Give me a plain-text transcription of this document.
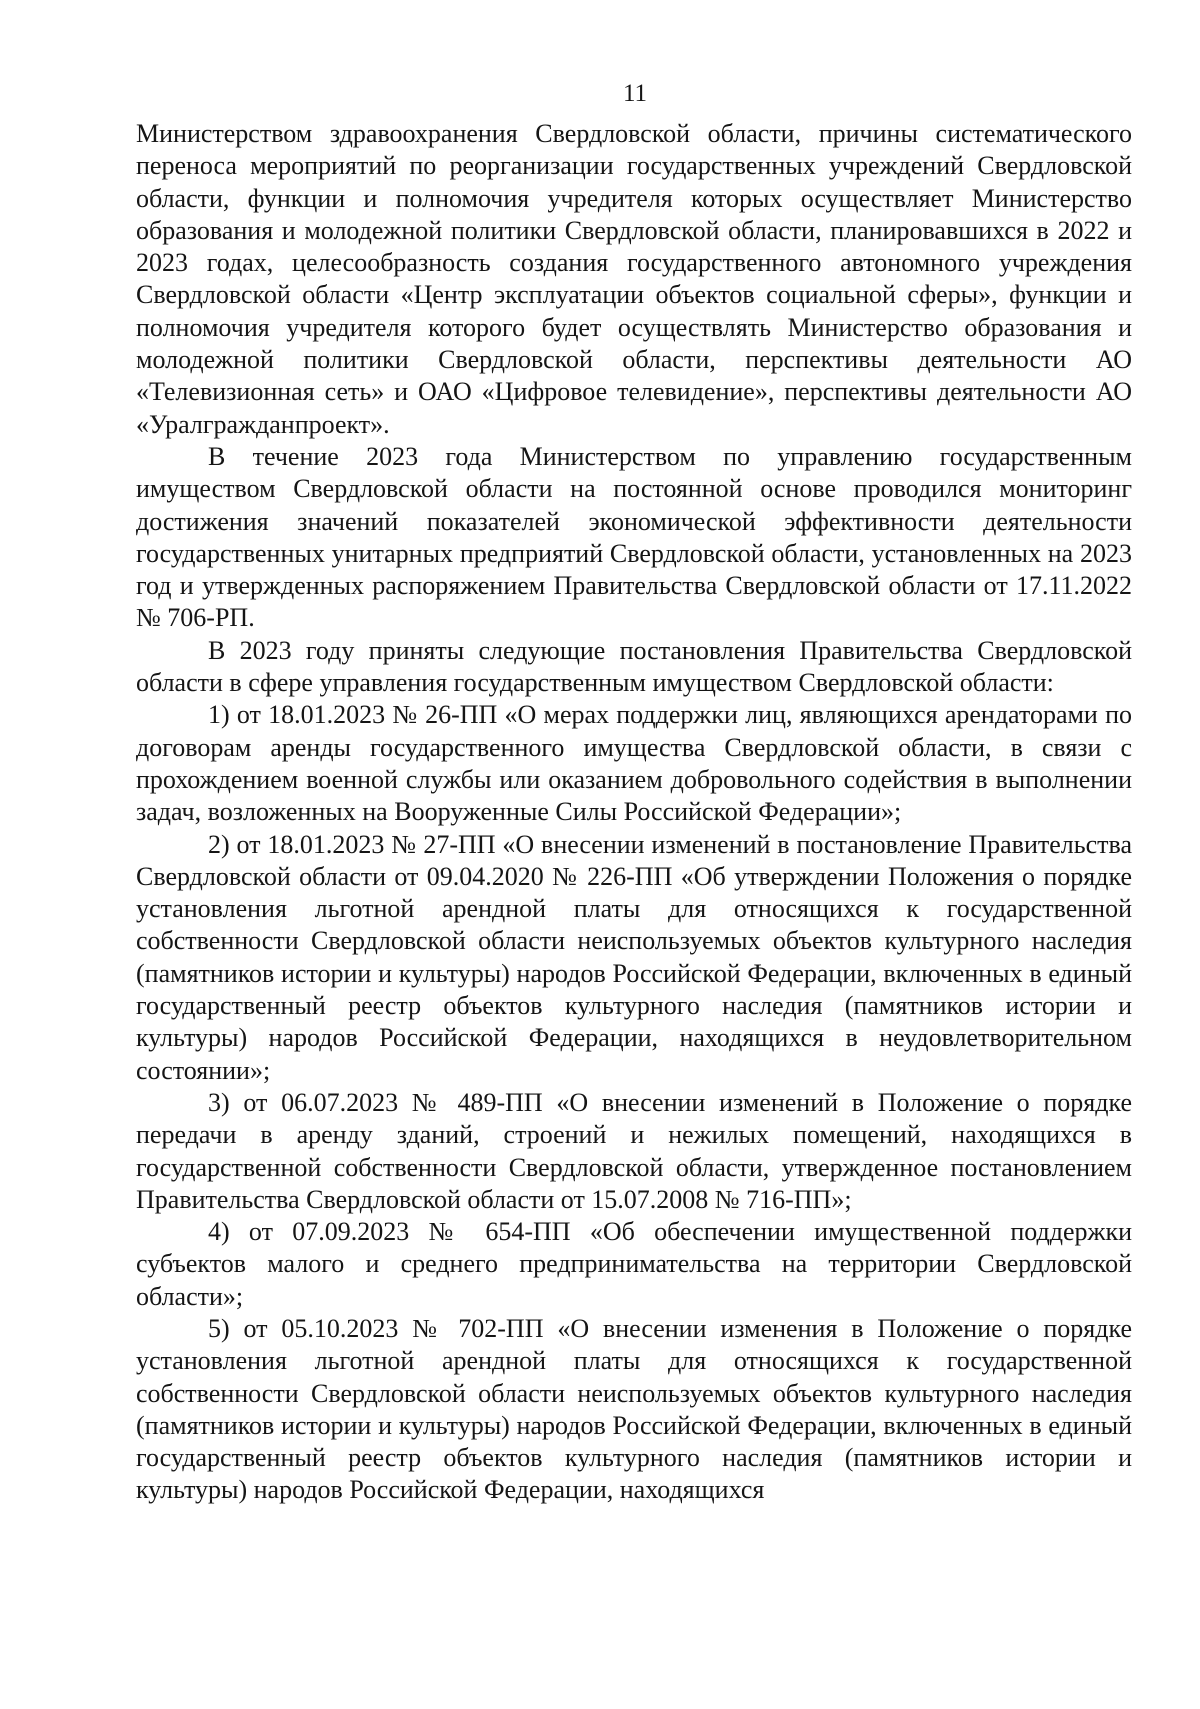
11

Министерством здравоохранения Свердловской области, причины систематического переноса мероприятий по реорганизации государственных учреждений Свердловской области, функции и полномочия учредителя которых осуществляет Министерство образования и молодежной политики Свердловской области, планировавшихся в 2022 и 2023 годах, целесообразность создания государственного автономного учреждения Свердловской области «Центр эксплуатации объектов социальной сферы», функции и полномочия учредителя которого будет осуществлять Министерство образования и молодежной политики Свердловской области, перспективы деятельности АО «Телевизионная сеть» и ОАО «Цифровое телевидение», перспективы деятельности АО «Уралгражданпроект».

В течение 2023 года Министерством по управлению государственным имуществом Свердловской области на постоянной основе проводился мониторинг достижения значений показателей экономической эффективности деятельности государственных унитарных предприятий Свердловской области, установленных на 2023 год и утвержденных распоряжением Правительства Свердловской области от 17.11.2022 № 706-РП.

В 2023 году приняты следующие постановления Правительства Свердловской области в сфере управления государственным имуществом Свердловской области:

1) от 18.01.2023 № 26-ПП «О мерах поддержки лиц, являющихся арендаторами по договорам аренды государственного имущества Свердловской области, в связи с прохождением военной службы или оказанием добровольного содействия в выполнении задач, возложенных на Вооруженные Силы Российской Федерации»;

2) от 18.01.2023 № 27-ПП «О внесении изменений в постановление Правительства Свердловской области от 09.04.2020 № 226-ПП «Об утверждении Положения о порядке установления льготной арендной платы для относящихся к государственной собственности Свердловской области неиспользуемых объектов культурного наследия (памятников истории и культуры) народов Российской Федерации, включенных в единый государственный реестр объектов культурного наследия (памятников истории и культуры) народов Российской Федерации, находящихся в неудовлетворительном состоянии»;

3) от 06.07.2023 № 489-ПП «О внесении изменений в Положение о порядке передачи в аренду зданий, строений и нежилых помещений, находящихся в государственной собственности Свердловской области, утвержденное постановлением Правительства Свердловской области от 15.07.2008 № 716-ПП»;

4) от 07.09.2023 № 654-ПП «Об обеспечении имущественной поддержки субъектов малого и среднего предпринимательства на территории Свердловской области»;

5) от 05.10.2023 № 702-ПП «О внесении изменения в Положение о порядке установления льготной арендной платы для относящихся к государственной собственности Свердловской области неиспользуемых объектов культурного наследия (памятников истории и культуры) народов Российской Федерации, включенных в единый государственный реестр объектов культурного наследия (памятников истории и культуры) народов Российской Федерации, находящихся
